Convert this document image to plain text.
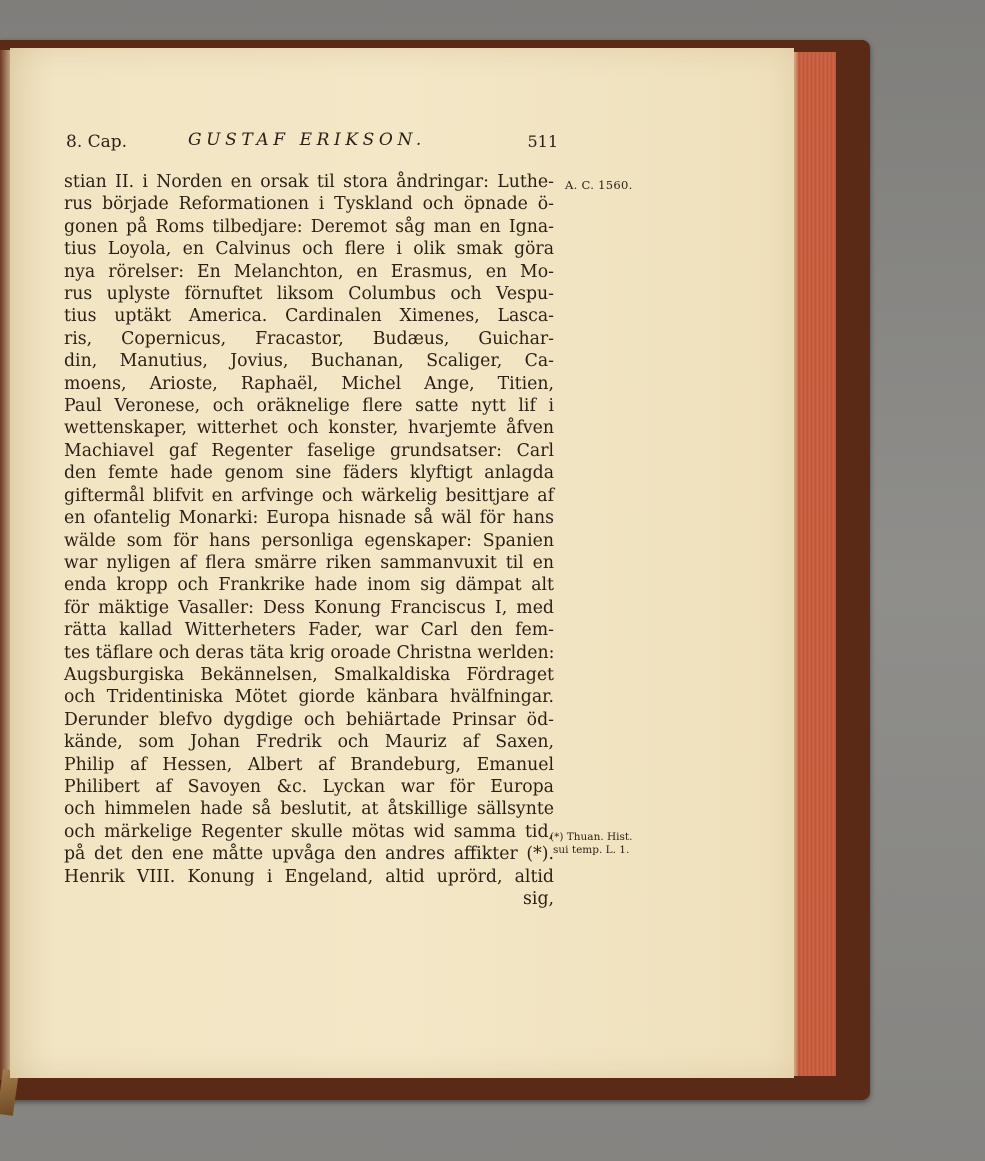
8. Cap.	GUSTAF ERIKSON.	511
stian II. i Norden en orsak til stora åndringar: Luthe-
rus började Reformationen i Tyskland och öpnade ö-
gonen på Roms tilbedjare: Deremot såg man en Igna-
tius Loyola, en Calvinus och flere i olik smak göra
nya rörelser: En Melanchton, en Erasmus, en Mo-
rus uplyste förnuftet liksom Columbus och Vespu-
tius uptäkt America. Cardinalen Ximenes, Lasca-
ris, Copernicus, Fracastor, Budæus, Guichar-
din, Manutius, Jovius, Buchanan, Scaliger, Ca-
moens, Arioste, Raphaël, Michel Ange, Titien,
Paul Veronese, och oräknelige flere satte nytt lif i
wettenskaper, witterhet och konster, hvarjemte åfven
Machiavel gaf Regenter faselige grundsatser: Carl
den femte hade genom sine fäders klyftigt anlagda
giftermål blifvit en arfvinge och wärkelig besittjare af
en ofantelig Monarki: Europa hisnade så wäl för hans
wälde som för hans personliga egenskaper: Spanien
war nyligen af flera smärre riken sammanvuxit til en
enda kropp och Frankrike hade inom sig dämpat alt
för mäktige Vasaller: Dess Konung Franciscus I, med
rätta kallad Witterheters Fader, war Carl den fem-
tes täflare och deras täta krig oroade Christna werlden:
Augsburgiska Bekännelsen, Smalkaldiska Fördraget
och Tridentiniska Mötet giorde känbara hvälfningar.
Derunder blefvo dygdige och behiärtade Prinsar öd-
kände, som Johan Fredrik och Mauriz af Saxen,
Philip af Hessen, Albert af Brandeburg, Emanuel
Philibert af Savoyen &c. Lyckan war för Europa
och himmelen hade så beslutit, at åtskillige sällsynte
och märkelige Regenter skulle mötas wid samma tid,
på det den ene måtte upvåga den andres affikter (*).
Henrik VIII. Konung i Engeland, altid uprörd, altid
sig,
A. C. 1560.
(*) Thuan. Hist.
sui temp. L. 1.
